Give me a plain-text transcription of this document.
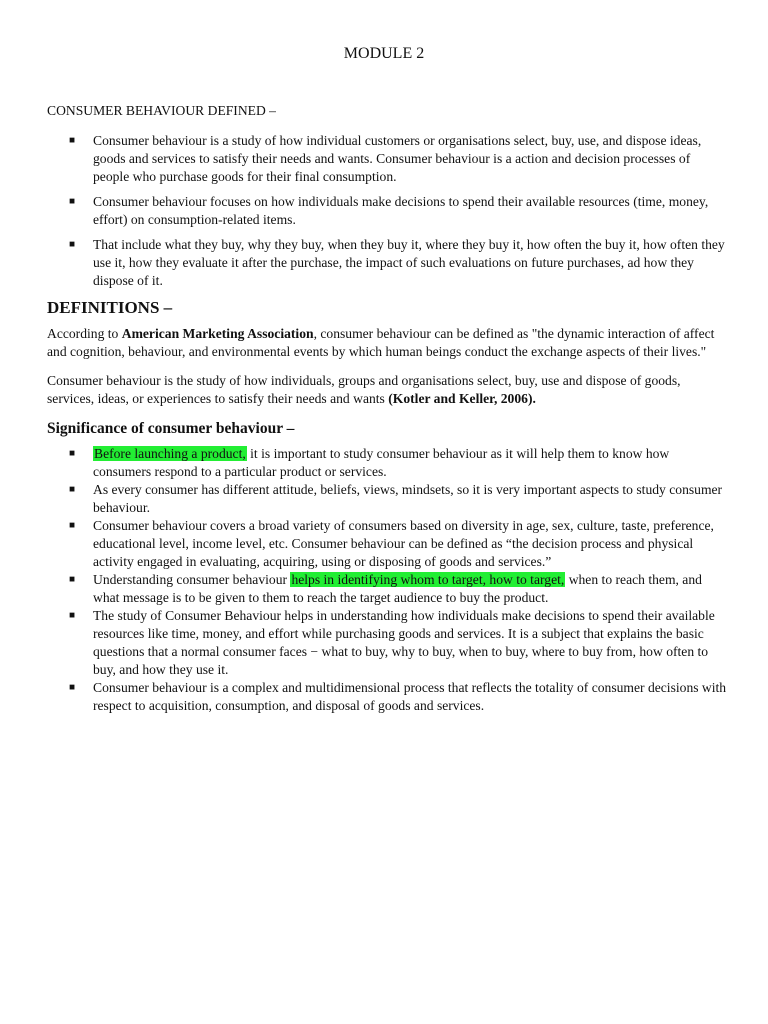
MODULE 2
CONSUMER BEHAVIOUR DEFINED –
■ Consumer behaviour is a study of how individual customers or organisations select, buy, use, and dispose ideas, goods and services to satisfy their needs and wants. Consumer behaviour is a action and decision processes of people who purchase goods for their final consumption.
■ Consumer behaviour focuses on how individuals make decisions to spend their available resources (time, money, effort) on consumption-related items.
■ That include what they buy, why they buy, when they buy it, where they buy it, how often the buy it, how often they use it, how they evaluate it after the purchase, the impact of such evaluations on future purchases, ad how they dispose of it.
DEFINITIONS –

According to American Marketing Association, consumer behaviour can be defined as "the dynamic interaction of affect and cognition, behaviour, and environmental events by which human beings conduct the exchange aspects of their lives."

Consumer behaviour is the study of how individuals, groups and organisations select, buy, use and dispose of goods, services, ideas, or experiences to satisfy their needs and wants (Kotler and Keller, 2006).

Significance of consumer behaviour –
■ Before launching a product, it is important to study consumer behaviour as it will help them to know how consumers respond to a particular product or services.
■ As every consumer has different attitude, beliefs, views, mindsets, so it is very important aspects to study consumer behaviour.
■ Consumer behaviour covers a broad variety of consumers based on diversity in age, sex, culture, taste, preference, educational level, income level, etc. Consumer behaviour can be defined as “the decision process and physical activity engaged in evaluating, acquiring, using or disposing of goods and services.”
■ Understanding consumer behaviour helps in identifying whom to target, how to target, when to reach them, and what message is to be given to them to reach the target audience to buy the product.
■ The study of Consumer Behaviour helps in understanding how individuals make decisions to spend their available resources like time, money, and effort while purchasing goods and services. It is a subject that explains the basic questions that a normal consumer faces − what to buy, why to buy, when to buy, where to buy from, how often to buy, and how they use it.
■ Consumer behaviour is a complex and multidimensional process that reflects the totality of consumer decisions with respect to acquisition, consumption, and disposal of goods and services.
